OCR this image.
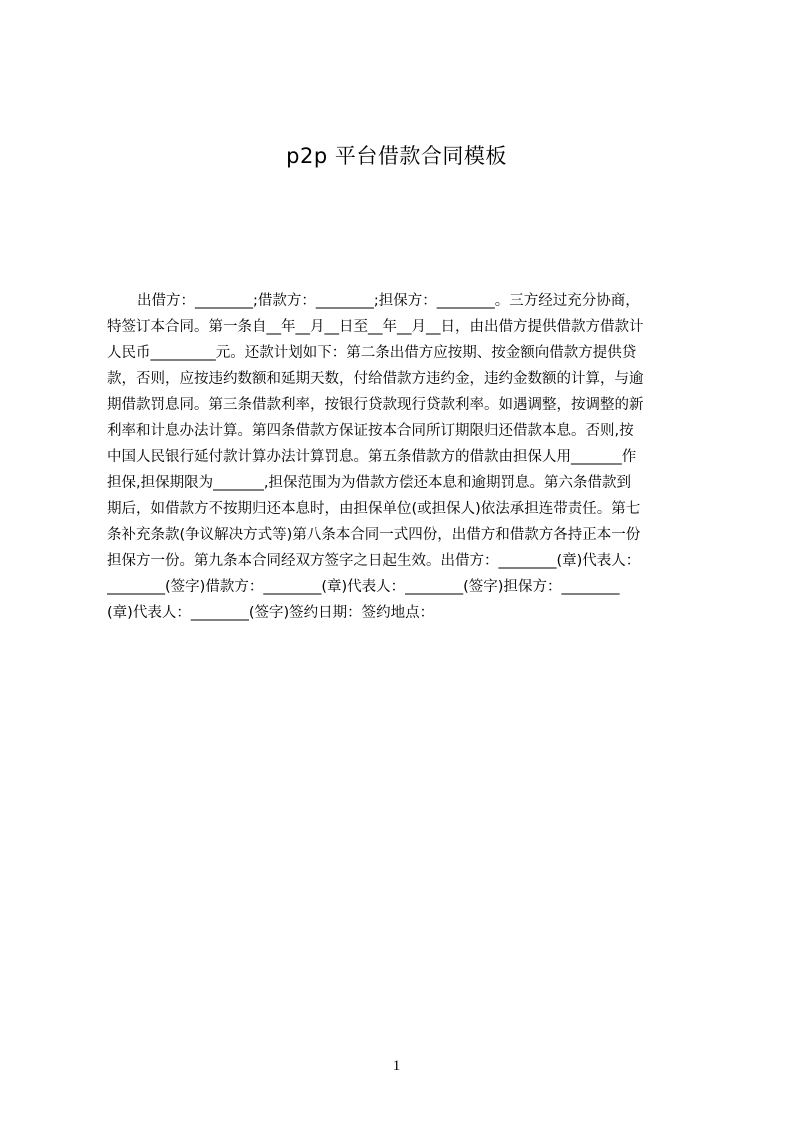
p2p 平台借款合同模板
出借方：________;借款方：________;担保方：________。三方经过充分协商，
特签订本合同。第一条自__年__月__日至__年__月__日，由出借方提供借款方借款计
人民币_________元。还款计划如下：第二条出借方应按期、按金额向借款方提供贷
款，否则，应按违约数额和延期天数，付给借款方违约金，违约金数额的计算，与逾
期借款罚息同。第三条借款利率，按银行贷款现行贷款利率。如遇调整，按调整的新
利率和计息办法计算。第四条借款方保证按本合同所订期限归还借款本息。否则,按
中国人民银行延付款计算办法计算罚息。第五条借款方的借款由担保人用_______作
担保,担保期限为_______,担保范围为为借款方偿还本息和逾期罚息。第六条借款到
期后，如借款方不按期归还本息时，由担保单位(或担保人)依法承担连带责任。第七
条补充条款(争议解决方式等)第八条本合同一式四份，出借方和借款方各持正本一份
担保方一份。第九条本合同经双方签字之日起生效。出借方：________(章)代表人：
________(签字)借款方：________(章)代表人：________(签字)担保方：________
(章)代表人：________(签字)签约日期：签约地点：
1
